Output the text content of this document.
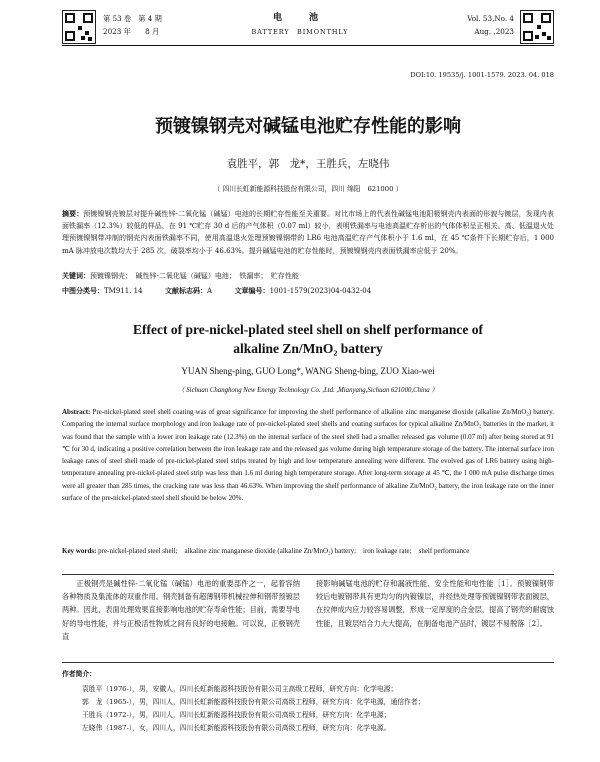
第 53 卷　第 4 期
2023 年　　8 月
电　池
BATTERY　BIMONTHLY
Vol. 53,No. 4
Aug. ,2023
DOI:10. 19535/j. 1001-1579. 2023. 04. 018
预镀镍钢壳对碱锰电池贮存性能的影响
袁胜平，郭　龙*，王胜兵，左晓伟
（ 四川长虹新能源科技股份有限公司，四川 绵阳　621000 ）
摘要：预镀镍钢壳镀层对提升碱性锌-二氧化锰（碱锰）电池的长期贮存性能至关重要。对比市场上的代表性碱锰电池阳极钢壳内表面的形貌与镀层，发现内表面铁漏率（12.3%）较低的样品，在 91 ℃贮存 30 d 后的产气体积（0.07 ml）较小，表明铁漏率与电池高温贮存析出的气体体积呈正相关。高、低温退火处理预镀镍钢带冲制的钢壳内表面铁漏率不同，使用高温退火处理预镀镍钢带的 LR6 电池高温贮存产气体积小于 1.6 ml，在 45 ℃条件下长期贮存后，1 000 mA 脉冲放电次数均大于 285 次，破裂率均小于 46.63%。提升碱锰电池的贮存性能时，预镀镍钢壳内表面铁漏率应低于 20%。
关键词：预镀镍钢壳；　碱性锌-二氧化锰（碱锰）电池；　铁漏率；　贮存性能
中图分类号：TM911. 14	文献标志码：A	文章编号：1001-1579(2023)04-0432-04
Effect of pre-nickel-plated steel shell on shelf performance of
alkaline Zn/MnO₂ battery
YUAN Sheng-ping, GUO Long*, WANG Sheng-bing, ZUO Xiao-wei
（ Sichuan Changhong New Energy Technology Co. ,Ltd. ,Mianyang,Sichuan 621000,China ）
Abstract: Pre-nickel-plated steel shell coating was of great significance for improving the shelf performance of alkaline zinc manganese dioxide (alkaline Zn/MnO₂) battery. Comparing the internal surface morphology and iron leakage rate of pre-nickel-plated steel shells and coating surfaces for typical alkaline Zn/MnO₂ batteries in the market, it was found that the sample with a lower iron leakage rate (12.3%) on the internal surface of the steel shell had a smaller released gas volume (0.07 ml) after being stored at 91 ℃ for 30 d, indicating a positive correlation between the iron leakage rate and the released gas volume during high temperature storage of the battery. The internal surface iron leakage rates of steel shell made of pre-nickel-plated steel strips treated by high and low temperature annealing were different. The evolved gas of LR6 battery using high-temperature annealing pre-nickel-plated steel strip was less than 1.6 ml during high temperature storage. After long-term storage at 45 ℃, the 1 000 mA pulse discharge times were all greater than 285 times, the cracking rate was less than 46.63%. When improving the shelf performance of alkaline Zn/MnO₂ battery, the iron leakage rate on the inner surface of the pre-nickel-plated steel shell should be below 20%.
Key words: pre-nickel-plated steel shell;　alkaline zinc manganese dioxide (alkaline Zn/MnO₂) battery;　iron leakage rate;　shelf performance
正极钢壳是碱性锌-二氧化锰（碱锰）电池的重要部件之一，起着容纳各种物质及集流体的双重作用。钢壳制备有超薄钢带机械拉伸和钢带预镀层两种。因此，表面处理效果直接影响电池的贮存寿命性能；目前，需要导电好的导电性能，并与正极活性物质之间有良好的电接触。可以说，正极钢壳直
接影响碱锰电池的贮存和漏液性能、安全性能和电性能［1］。预镀镍钢带较后电镀钢带具有更均匀的内镀镍层，并经热处理等预镀镍钢带表面镀层，在拉伸成内应力较容易调整，形成一定厚度的合金层，提高了钢壳的耐腐蚀性能，且镀层结合力大大提高，在制备电池产品时，镀层不易脱落［2］。
作者简介：
袁胜平（1976-），男，安徽人，四川长虹新能源科技股份有限公司主高级工程师，研究方向：化学电源；
郭　龙（1965-），男，四川人，四川长虹新能源科技股份有限公司高级工程师，研究方向：化学电源，通信作者；
王胜兵（1972-），男，四川人，四川长虹新能源科技股份有限公司高级工程师，研究方向：化学电源；
左晓伟（1987-），女，四川人，四川长虹新能源科技股份有限公司高级工程师，研究方向：化学电源。
